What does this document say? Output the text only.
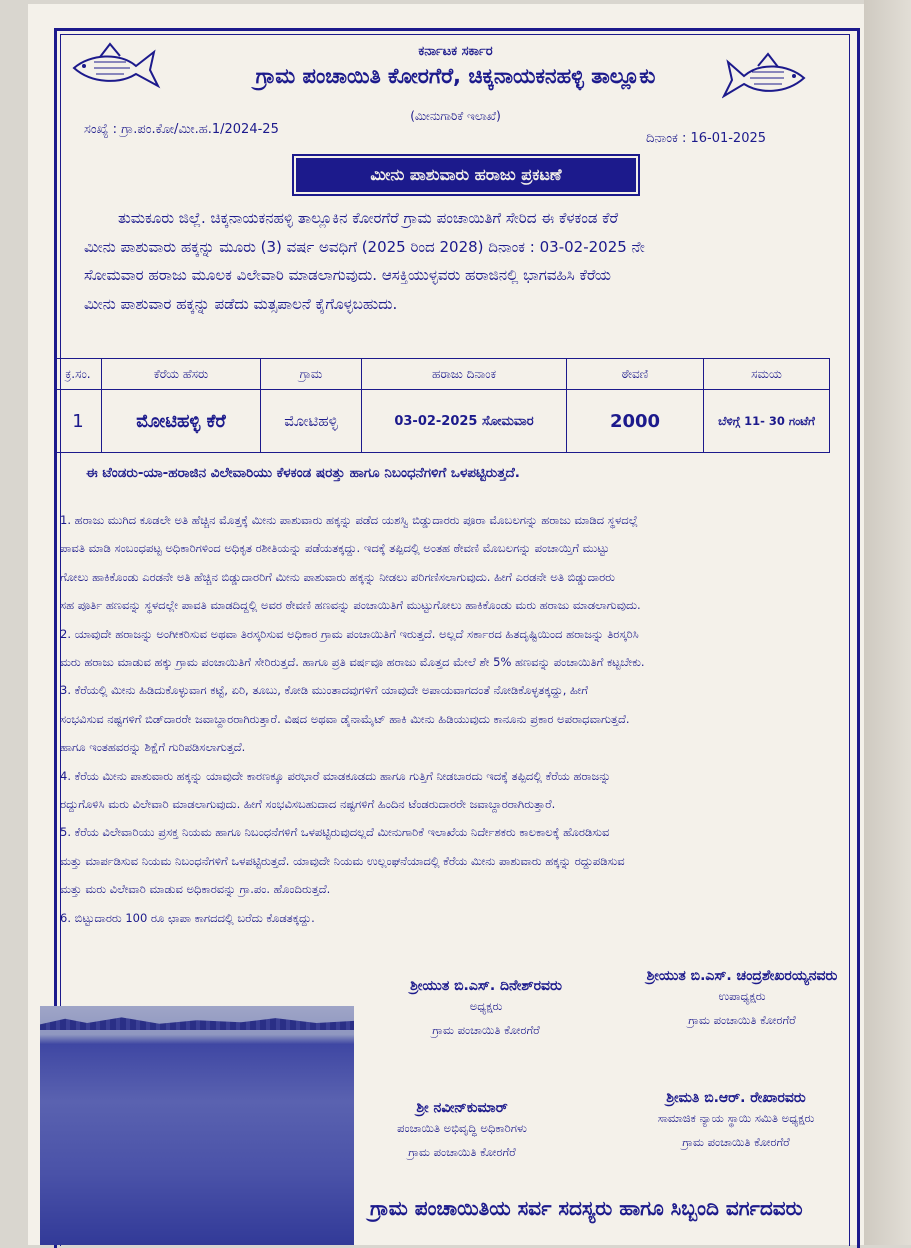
ಕರ್ನಾಟಕ ಸರ್ಕಾರ
ಗ್ರಾಮ ಪಂಚಾಯಿತಿ ಕೋರಗೆರೆ, ಚಿಕ್ಕನಾಯಕನಹಳ್ಳಿ ತಾಲ್ಲೂಕು
(ಮೀನುಗಾರಿಕೆ ಇಲಾಖೆ)
ಸಂಖ್ಯೆ : ಗ್ರಾ.ಪಂ.ಕೋ/ಮೀ.ಹ.1/2024-25
ದಿನಾಂಕ : 16-01-2025
ಮೀನು ಪಾಶುವಾರು ಹರಾಜು ಪ್ರಕಟಣೆ
ತುಮಕೂರು ಜಿಲ್ಲೆ. ಚಿಕ್ಕನಾಯಕನಹಳ್ಳಿ ತಾಲ್ಲೂಕಿನ ಕೋರಗೆರೆ ಗ್ರಾಮ ಪಂಚಾಯಿತಿಗೆ ಸೇರಿದ ಈ ಕೆಳಕಂಡ ಕೆರೆ
ಮೀನು ಪಾಶುವಾರು ಹಕ್ಕನ್ನು ಮೂರು (3) ವರ್ಷ ಅವಧಿಗೆ (2025 ರಿಂದ 2028) ದಿನಾಂಕ : 03-02-2025 ನೇ
ಸೋಮವಾರ ಹರಾಜು ಮೂಲಕ ವಿಲೇವಾರಿ ಮಾಡಲಾಗುವುದು. ಆಸಕ್ತಿಯುಳ್ಳವರು ಹರಾಜಿನಲ್ಲಿ ಭಾಗವಹಿಸಿ ಕೆರೆಯ
ಮೀನು ಪಾಶುವಾರ ಹಕ್ಕನ್ನು ಪಡೆದು ಮತ್ಸಪಾಲನೆ ಕೈಗೊಳ್ಳಬಹುದು.
ಕ್ರ.ಸಂ.	ಕೆರೆಯ ಹೆಸರು	ಗ್ರಾಮ	ಹರಾಜು ದಿನಾಂಕ	ಠೇವಣಿ	ಸಮಯ
1	ಮೋಟಿಹಳ್ಳಿ ಕೆರೆ	ಮೋಟಿಹಳ್ಳಿ	03-02-2025 ಸೋಮವಾರ	2000	ಬೆಳಿಗ್ಗೆ 11- 30 ಗಂಟೆಗೆ
ಈ ಟೆಂಡರು-ಯಾ-ಹರಾಜಿನ ವಿಲೇವಾರಿಯು ಕೆಳಕಂಡ ಷರತ್ತು ಹಾಗೂ ನಿಬಂಧನೆಗಳಿಗೆ ಒಳಪಟ್ಟಿರುತ್ತದೆ.
1. ಹರಾಜು ಮುಗಿದ ಕೂಡಲೇ ಅತಿ ಹೆಚ್ಚಿನ ಮೊತ್ತಕ್ಕೆ ಮೀನು ಪಾಶುವಾರು ಹಕ್ಕನ್ನು ಪಡೆದ ಯಶಸ್ವಿ ಬಿಡ್ಡುದಾರರು ಪೂರಾ ಮೊಬಲಗನ್ನು ಹರಾಜು ಮಾಡಿದ ಸ್ಥಳದಲ್ಲೆ
ಪಾವತಿ ಮಾಡಿ ಸಂಬಂಧಪಟ್ಟ ಅಧಿಕಾರಿಗಳಿಂದ ಅಧಿಕೃತ ರಶೀತಿಯನ್ನು ಪಡೆಯತಕ್ಕದ್ದು. ಇದಕ್ಕೆ ತಪ್ಪಿದಲ್ಲಿ ಅಂತಹ ಠೇವಣಿ ಮೊಬಲಗನ್ನು ಪಂಚಾಯ್ತಿಗೆ ಮುಟ್ಟು
ಗೋಲು ಹಾಕಿಕೊಂಡು ಎರಡನೇ ಅತಿ ಹೆಚ್ಚಿನ ಬಿಡ್ಡುದಾರರಿಗೆ ಮೀನು ಪಾಶುವಾರು ಹಕ್ಕನ್ನು ನೀಡಲು ಪರಿಗಣಿಸಲಾಗುವುದು. ಹೀಗೆ ಎರಡನೇ ಅತಿ ಬಿಡ್ಡುದಾರರು
ಸಹ ಪೂರ್ತಿ ಹಣವನ್ನು ಸ್ಥಳದಲ್ಲೇ ಪಾವತಿ ಮಾಡದಿದ್ದಲ್ಲಿ ಅವರ ಠೇವಣಿ ಹಣವನ್ನು ಪಂಚಾಯಿತಿಗೆ ಮುಟ್ಟುಗೋಲು ಹಾಕಿಕೊಂಡು ಮರು ಹರಾಜು ಮಾಡಲಾಗುವುದು.
2. ಯಾವುದೇ ಹರಾಜನ್ನು ಅಂಗೀಕರಿಸುವ ಅಥವಾ ತಿರಸ್ಕರಿಸುವ ಅಧಿಕಾರ ಗ್ರಾಮ ಪಂಚಾಯಿತಿಗೆ ಇರುತ್ತದೆ. ಅಲ್ಲದೆ ಸರ್ಕಾರದ ಹಿತದೃಷ್ಟಿಯಿಂದ ಹರಾಜನ್ನು ತಿರಸ್ಕರಿಸಿ
ಮರು ಹರಾಜು ಮಾಡುವ ಹಕ್ಕು ಗ್ರಾಮ ಪಂಚಾಯಿತಿಗೆ ಸೇರಿರುತ್ತದೆ. ಹಾಗೂ ಪ್ರತಿ ವರ್ಷವೂ ಹರಾಜು ಮೊತ್ತದ ಮೇಲೆ ಶೇ 5% ಹಣವನ್ನು ಪಂಚಾಯಿತಿಗೆ ಕಟ್ಟಬೇಕು.
3. ಕೆರೆಯಲ್ಲಿ ಮೀನು ಹಿಡಿದುಕೊಳ್ಳುವಾಗ ಕಟ್ಟೆ, ಏರಿ, ತೂಬು, ಕೋಡಿ ಮುಂತಾದವುಗಳಿಗೆ ಯಾವುದೇ ಅಪಾಯವಾಗದಂತೆ ನೋಡಿಕೊಳ್ಳತಕ್ಕದ್ದು, ಹೀಗೆ
ಸಂಭವಿಸುವ ನಷ್ಟಗಳಿಗೆ ಬಿಡ್‌ದಾರರೇ ಜವಾಬ್ದಾರರಾಗಿರುತ್ತಾರೆ. ವಿಷದ ಅಥವಾ ಡೈನಾಮೈಟ್ ಹಾಕಿ ಮೀನು ಹಿಡಿಯುವುದು ಕಾನೂನು ಪ್ರಕಾರ ಅಪರಾಧವಾಗುತ್ತದೆ.
ಹಾಗೂ ಇಂತಹವರನ್ನು ಶಿಕ್ಷೆಗೆ ಗುರಿಪಡಿಸಲಾಗುತ್ತದೆ.
4. ಕೆರೆಯ ಮೀನು ಪಾಶುವಾರು ಹಕ್ಕನ್ನು ಯಾವುದೇ ಕಾರಣಕ್ಕೂ ಪರಭಾರೆ ಮಾಡಕೂಡದು ಹಾಗೂ ಗುತ್ತಿಗೆ ನೀಡಬಾರದು ಇದಕ್ಕೆ ತಪ್ಪಿದಲ್ಲಿ ಕೆರೆಯ ಹರಾಜನ್ನು
ರದ್ದುಗೊಳಿಸಿ ಮರು ವಿಲೇವಾರಿ ಮಾಡಲಾಗುವುದು. ಹೀಗೆ ಸಂಭವಿಸಬಹುದಾದ ನಷ್ಟಗಳಿಗೆ ಹಿಂದಿನ ಟೆಂಡರುದಾರರೇ ಜವಾಬ್ದಾರರಾಗಿರುತ್ತಾರೆ.
5. ಕೆರೆಯ ವಿಲೇವಾರಿಯು ಪ್ರಸಕ್ತ ನಿಯಮ ಹಾಗೂ ನಿಬಂಧನೆಗಳಿಗೆ ಒಳಪಟ್ಟಿರುವುದಲ್ಲದೆ ಮೀನುಗಾರಿಕೆ ಇಲಾಖೆಯ ನಿರ್ದೇಶಕರು ಕಾಲಕಾಲಕ್ಕೆ ಹೊರಡಿಸುವ
ಮತ್ತು ಮಾರ್ಪಡಿಸುವ ನಿಯಮ ನಿಬಂಧನೆಗಳಿಗೆ ಒಳಪಟ್ಟಿರುತ್ತದೆ. ಯಾವುದೇ ನಿಯಮ ಉಲ್ಲಂಘನೆಯಾದಲ್ಲಿ ಕೆರೆಯ ಮೀನು ಪಾಶುವಾರು ಹಕ್ಕನ್ನು ರದ್ದುಪಡಿಸುವ
ಮತ್ತು ಮರು ವಿಲೇವಾರಿ ಮಾಡುವ ಅಧಿಕಾರವನ್ನು ಗ್ರಾ.ಪಂ. ಹೊಂದಿರುತ್ತದೆ.
6. ಬಿಟ್ಟುದಾರರು 100 ರೂ ಛಾಪಾ ಕಾಗದದಲ್ಲಿ ಬರೆದು ಕೊಡತಕ್ಕದ್ದು.
ಶ್ರೀಯುತ ಬಿ.ಎಸ್. ದಿನೇಶ್‌ರವರು
ಅಧ್ಯಕ್ಷರು
ಗ್ರಾಮ ಪಂಚಾಯಿತಿ ಕೋರಗೆರೆ
ಶ್ರೀಯುತ ಬಿ.ಎಸ್. ಚಂದ್ರಶೇಖರಯ್ಯನವರು
ಉಪಾಧ್ಯಕ್ಷರು
ಗ್ರಾಮ ಪಂಚಾಯಿತಿ ಕೋರಗೆರೆ
ಶ್ರೀ ನವೀನ್‌ಕುಮಾರ್
ಪಂಚಾಯಿತಿ ಅಭಿವೃದ್ಧಿ ಅಧಿಕಾರಿಗಳು
ಗ್ರಾಮ ಪಂಚಾಯಿತಿ ಕೋರಗೆರೆ
ಶ್ರೀಮತಿ ಬಿ.ಆರ್. ರೇಖಾರವರು
ಸಾಮಾಜಿಕ ನ್ಯಾಯ ಸ್ಥಾಯಿ ಸಮಿತಿ ಅಧ್ಯಕ್ಷರು
ಗ್ರಾಮ ಪಂಚಾಯಿತಿ ಕೋರಗೆರೆ
ಗ್ರಾಮ ಪಂಚಾಯಿತಿಯ ಸರ್ವ ಸದಸ್ಯರು ಹಾಗೂ ಸಿಬ್ಬಂದಿ ವರ್ಗದವರು
